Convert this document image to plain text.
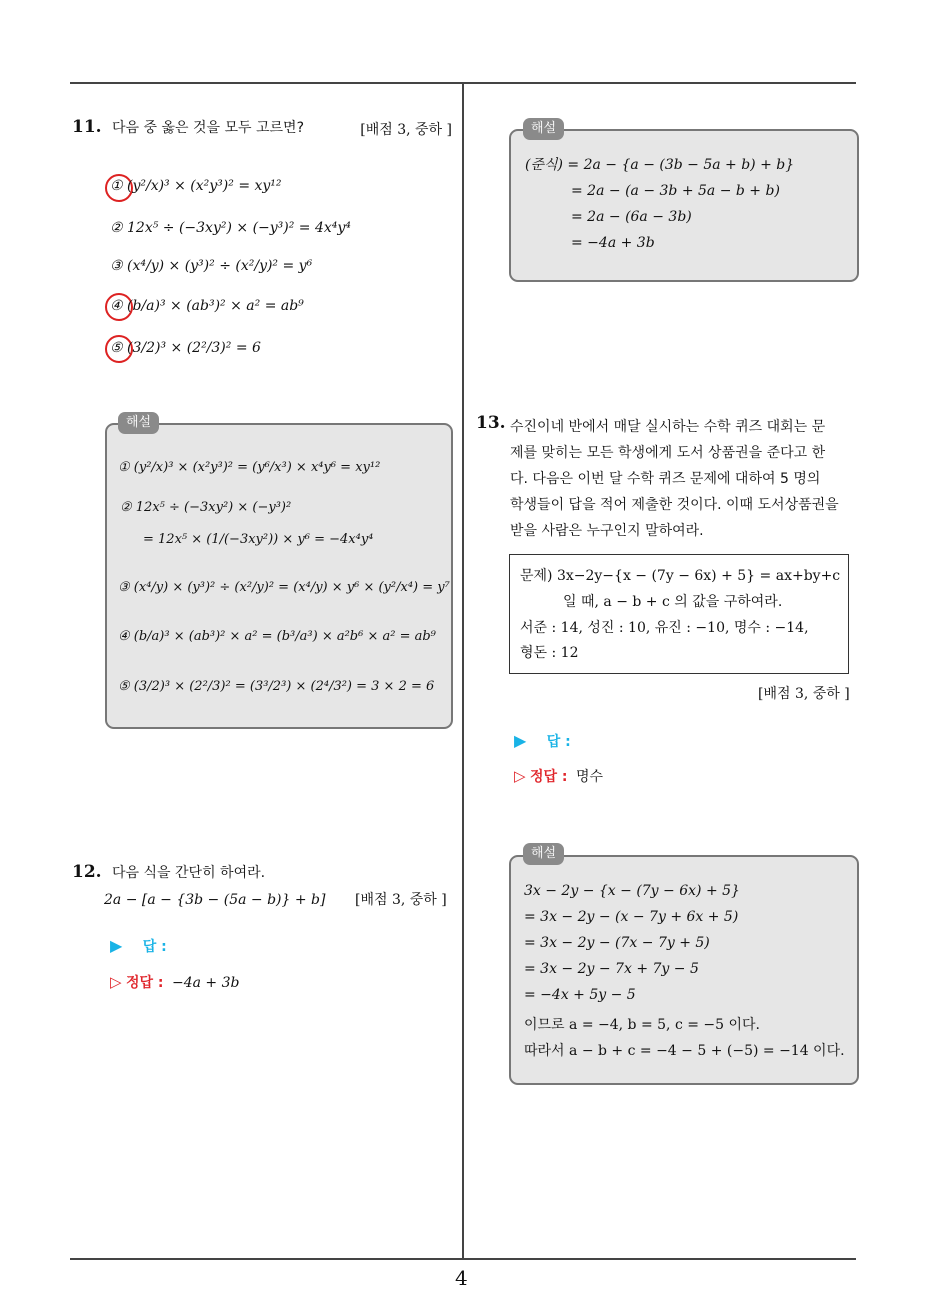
4
11. 다음 중 옳은 것을 모두 고르면?	[배점 3, 중하 ]
① (y²/x)³ × (x²y³)² = xy¹²
② 12x⁵ ÷ (−3xy²) × (−y³)² = 4x⁴y⁴
③ (x⁴/y) × (y³)² ÷ (x²/y)² = y⁶
④ (b/a)³ × (ab³)² × a² = ab⁹
⑤ (3/2)³ × (2²/3)² = 6
해설
① (y²/x)³ × (x²y³)² = (y⁶/x³) × x⁴y⁶ = xy¹²
② 12x⁵ ÷ (−3xy²) × (−y³)²
= 12x⁵ × (1/(−3xy²)) × y⁶ = −4x⁴y⁴
③ (x⁴/y) × (y³)² ÷ (x²/y)² = (x⁴/y) × y⁶ × (y²/x⁴) = y⁷
④ (b/a)³ × (ab³)² × a² = (b³/a³) × a²b⁶ × a² = ab⁹
⑤ (3/2)³ × (2²/3)² = (3³/2³) × (2⁴/3²) = 3 × 2 = 6
12. 다음 식을 간단히 하여라.
2a − [a − {3b − (5a − b)} + b] [배점 3, 중하 ]
▶ 답 :
▷ 정답 : −4a + 3b
해설
(준식) = 2a − {a − (3b − 5a + b) + b}
= 2a − (a − 3b + 5a − b + b)
= 2a − (6a − 3b)
= −4a + 3b
13. 수진이네 반에서 매달 실시하는 수학 퀴즈 대회는 문
제를 맞히는 모든 학생에게 도서 상품권을 준다고 한
다. 다음은 이번 달 수학 퀴즈 문제에 대하여 5 명의
학생들이 답을 적어 제출한 것이다. 이때 도서상품권을
받을 사람은 누구인지 말하여라.
문제) 3x−2y−{x − (7y − 6x) + 5} = ax+by+c
일 때, a − b + c 의 값을 구하여라.
서준 : 14, 성진 : 10, 유진 : −10, 명수 : −14,
형돈 : 12
[배점 3, 중하 ]
▶ 답 :
▷ 정답 : 명수
해설
3x − 2y − {x − (7y − 6x) + 5}
= 3x − 2y − (x − 7y + 6x + 5)
= 3x − 2y − (7x − 7y + 5)
= 3x − 2y − 7x + 7y − 5
= −4x + 5y − 5
이므로 a = −4, b = 5, c = −5 이다.
따라서 a − b + c = −4 − 5 + (−5) = −14 이다.
